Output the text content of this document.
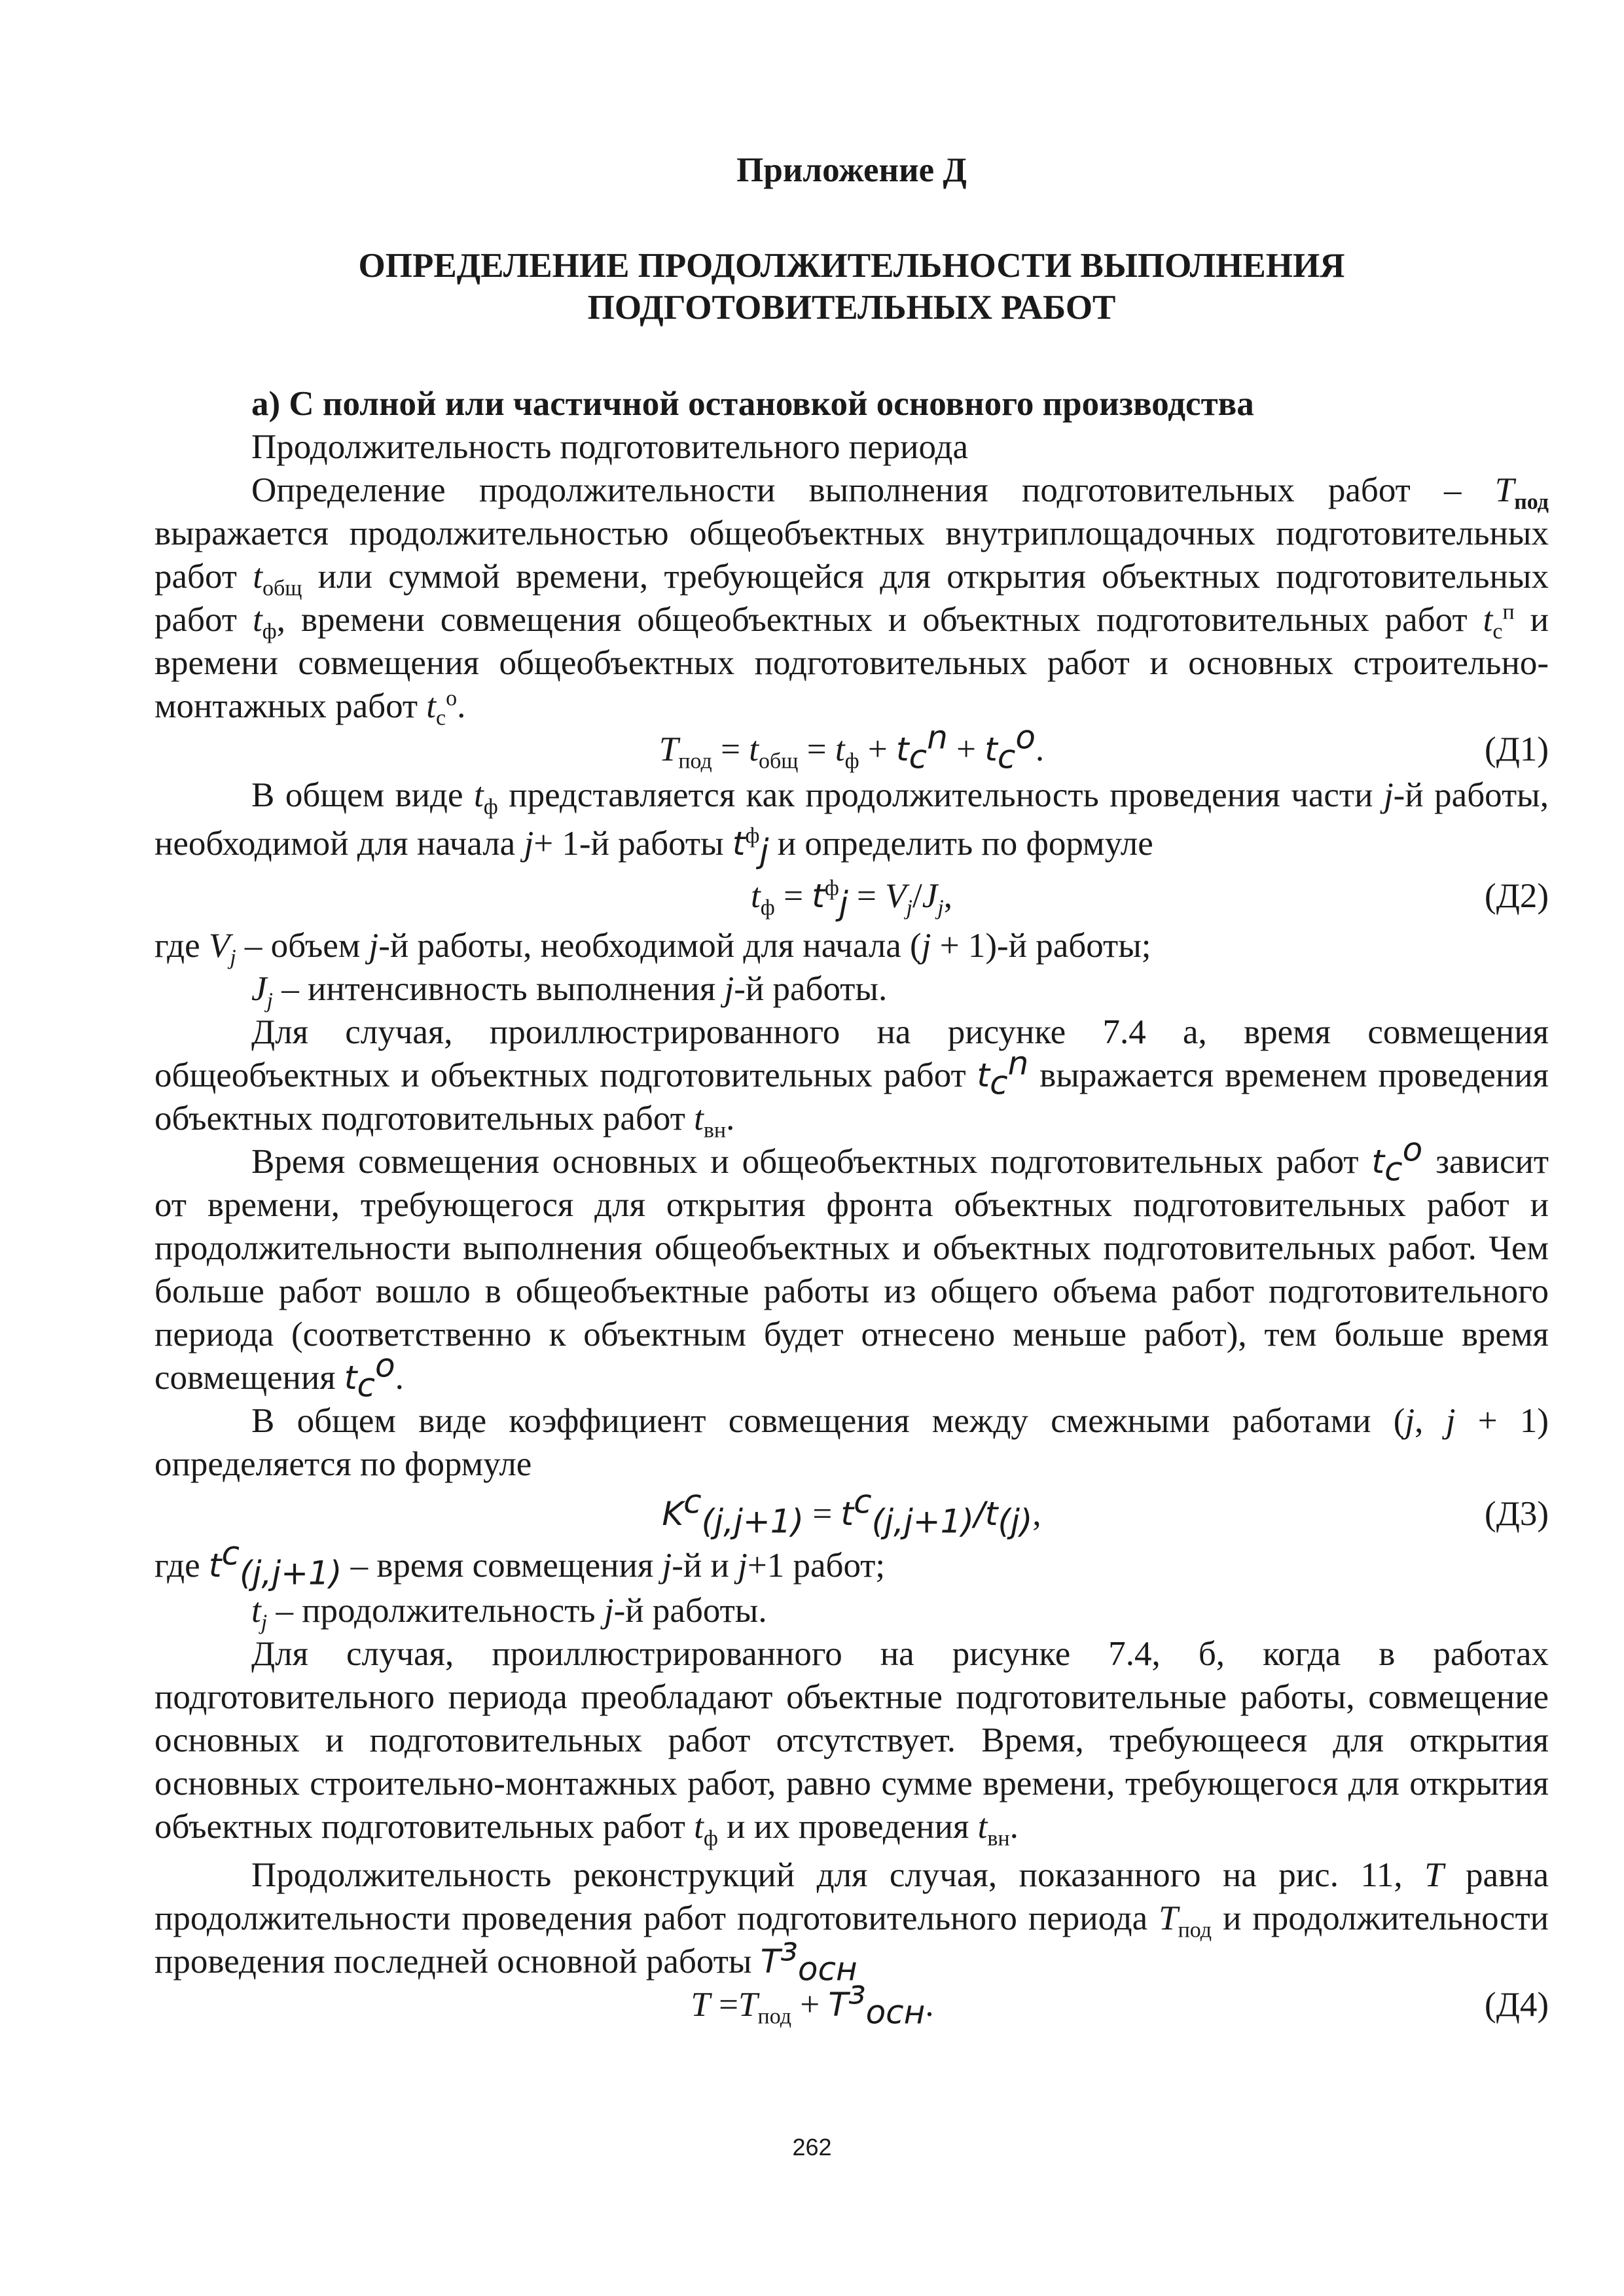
Приложение Д
ОПРЕДЕЛЕНИЕ ПРОДОЛЖИТЕЛЬНОСТИ ВЫПОЛНЕНИЯ
ПОДГОТОВИТЕЛЬНЫХ РАБОТ
а) С полной или частичной остановкой основного производства

Продолжительность подготовительного периода

Определение продолжительности выполнения подготовительных работ – $T_{под}$ выражается продолжительностью общеобъектных внутриплощадочных подготовительных работ $t_{общ}$ или суммой времени, требующейся для открытия объектных подготовительных работ $t_ф$, времени совмещения общеобъектных и объектных подготовительных работ $t_с^п$ и времени совмещения общеобъектных подготовительных работ и основных строительно-монтажных работ $t_с^о$.

$T_{под} = t_{общ} = t_ф + t_c^n + t_c^o$.	(Д1)

В общем виде $t_ф$ представляется как продолжительность проведения части j-й работы, необходимой для начала j+ 1-й работы $t^ф_j$ и определить по формуле

$t_ф = t^ф_j = V_j/J_j$,	(Д2)

где $V_j$ – объем j-й работы, необходимой для начала (j + 1)-й работы;

$J_j$ – интенсивность выполнения j-й работы.

Для случая, проиллюстрированного на рисунке 7.4 а, время совмещения общеобъектных и объектных подготовительных работ $t_c^n$ выражается временем проведения объектных подготовительных работ $t_{вн}$.

Время совмещения основных и общеобъектных подготовительных работ $t_c^o$ зависит от времени, требующегося для открытия фронта объектных подготовительных работ и продолжительности выполнения общеобъектных и объектных подготовительных работ. Чем больше работ вошло в общеобъектные работы из общего объема работ подготовительного периода (соответственно к объектным будет отнесено меньше работ), тем больше время совмещения $t_c^o$.

В общем виде коэффициент совмещения между смежными работами (j, j + 1) определяется по формуле

$K^c_{(j,j+1)} = t^c_{(j,j+1)}/t_{(j)}$,	(Д3)

где $t^c_{(j,j+1)}$ – время совмещения j-й и j+1 работ;

$t_j$ – продолжительность j-й работы.

Для случая, проиллюстрированного на рисунке 7.4, б, когда в работах подготовительного периода преобладают объектные подготовительные работы, совмещение основных и подготовительных работ отсутствует. Время, требующееся для открытия основных строительно-монтажных работ, равно сумме времени, требующегося для открытия объектных подготовительных работ $t_ф$ и их проведения $t_{вн}$.

Продолжительность реконструкций для случая, показанного на рис. 11, T равна продолжительности проведения работ подготовительного периода $T_{под}$ и продолжительности проведения последней основной работы $T^з_{осн}$

$T =T_{под} + T^з_{осн}$.	(Д4)
262
